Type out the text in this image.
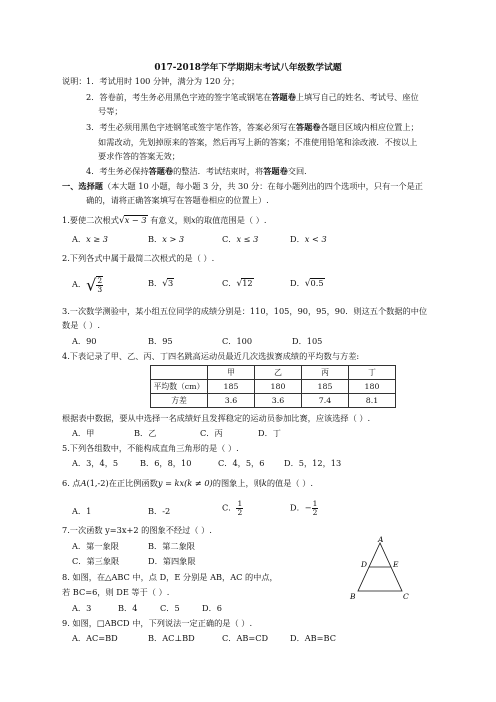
017-2018学年下学期期末考试八年级数学试题
说明： 1．考试用时 100 分钟，满分为 120 分；
2．答卷前，考生务必用黑色字迹的签字笔或钢笔在答题卷上填写自己的姓名、考试号、座位
号等；
3．考生必须用黑色字迹钢笔或签字笔作答，答案必须写在答题卷各题目区域内相应位置上；
如需改动，先划掉原来的答案，然后再写上新的答案；不准使用铅笔和涂改液．不按以上
要求作答的答案无效；
4．考生务必保持答题卷的整洁．考试结束时，将答题卷交回．
一、选择题（本大题 10 小题，每小题 3 分，共 30 分：在每小题列出的四个选项中，只有一个是正
确的，请将正确答案填写在答题卷相应的位置上）.
1.要使二次根式√x − 3 有意义，则x的取值范围是（ ）.
A．x ≥ 3	B．x > 3	C．x ≤ 3	D．x < 3
2.下列各式中属于最简二次根式的是（ ）.
A．√ $\frac{2}{3}$	B．√3	C．√12	D．√0.5
3.一次数学测验中，某小组五位同学的成绩分别是：110，105，90，95，90．则这五个数据的中位
数是（ ）.
A．90	B．95	C．100	D．105
4.下表记录了甲、乙、丙、丁四名跳高运动员最近几次选拔赛成绩的平均数与方差:
	甲	乙	丙	丁
平均数（cm）	185	180	185	180
方差	3.6	3.6	7.4	8.1
根据表中数据，要从中选择一名成绩好且发挥稳定的运动员参加比赛，应该选择（ ）.
A．甲	B．乙	C．丙	D．丁
5.下列各组数中，不能构成直角三角形的是（ ）.
A．3，4，5	B．6，8，10	C．4，5，6 D．5，12，13
6. 点A(1,-2)在正比例函数y = kx(k ≠ 0)的图象上，则k的值是（ ）.
A．1	B．-2	C． $\frac{1}{2}$	D．− $\frac{1}{2}$
7.一次函数 y=3x+2 的图象不经过（ ）.
A．第一象限	B．第二象限
C．第三象限	D．第四象限
8. 如图，在△ABC 中，点 D，E 分别是 AB，AC 的中点，
若 BC=6，则 DE 等于（ ）.
A．3	B．4	C．5	D．6
A
D	E
B	C
9. 如图，□ABCD 中，下列说法一定正确的是（ ）.
A．AC=BD	B．AC⊥BD	C．AB=CD	D．AB=BC
